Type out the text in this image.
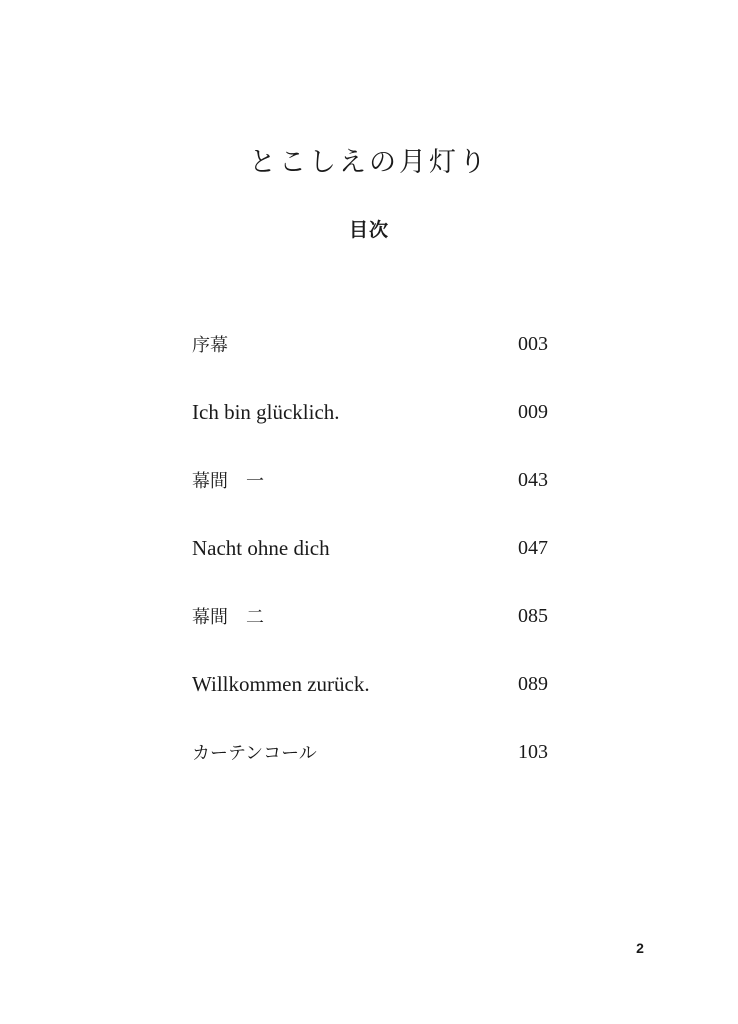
とこしえの月灯り
目次
序幕	003
Ich bin glücklich.	009
幕間　一	043
Nacht ohne dich	047
幕間　二	085
Willkommen zurück.	089
カーテンコール	103
2
